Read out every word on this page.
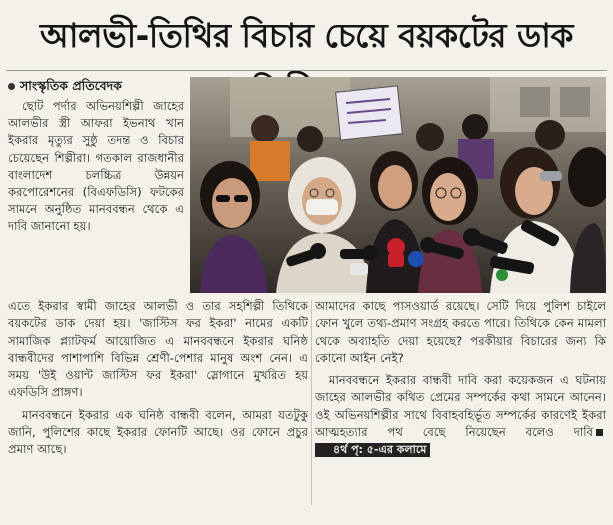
আলভী-তিথির বিচার চেয়ে বয়কটের ডাক
সাংস্কৃতিক প্রতিবেদক

ছোট পর্দার অভিনয়শিল্পী জাহের আলভীর স্ত্রী আফরা ইভনাথ খান ইকরার মৃত্যুর সুষ্ঠু তদন্ত ও বিচার চেয়েছেন শিল্পীরা। গতকাল রাজধানীর বাংলাদেশ চলচ্চিত্র উন্নয়ন করপোরেশনের (বিএফডিসি) ফটকের সামনে অনুষ্ঠিত মানববন্ধন থেকে এ দাবি জানানো হয়।

এতে ইকরার স্বামী জাহের আলভী ও তার সহশিল্পী তিথিকে বয়কটের ডাক দেয়া হয়। 'জাস্টিস ফর ইকরা' নামের একটি সামাজিক প্ল্যাটফর্ম আয়োজিত এ মানববন্ধনে ইকরার ঘনিষ্ঠ বান্ধবীদের পাশাপাশি বিভিন্ন শ্রেণী-পেশার মানুষ অংশ নেন। এ সময় 'উই ওয়ান্ট জাস্টিস ফর ইকরা' স্লোগানে মুখরিত হয় এফডিসি প্রাঙ্গণ।

মানববন্ধনে ইকরার এক ঘনিষ্ঠ বান্ধবী বলেন, আমরা যতটুকু জানি, পুলিশের কাছে ইকরার ফোনটি আছে। ওর ফোনে প্রচুর প্রমাণ আছে।

আমাদের কাছে পাসওয়ার্ড রয়েছে। সেটি দিয়ে পুলিশ চাইলে ফোন খুলে তথ্য-প্রমাণ সংগ্রহ করতে পারে। তিথিকে কেন মামলা থেকে অব্যাহতি দেয়া হয়েছে? পরকীয়ার বিচারের জন্য কি কোনো আইন নেই?

মানববন্ধনে ইকরার বান্ধবী দাবি করা কয়েকজন এ ঘটনায় জাহের আলভীর কথিত প্রেমের সম্পর্কের কথা সামনে আনেন। ওই অভিনয়শিল্পীর সাথে বিবাহবহির্ভূত সম্পর্কের কারণেই ইকরা আত্মহত্যার পথ বেছে নিয়েছেন বলেও দাবি৪র্থ পৃ: ৫-এর কলামে
